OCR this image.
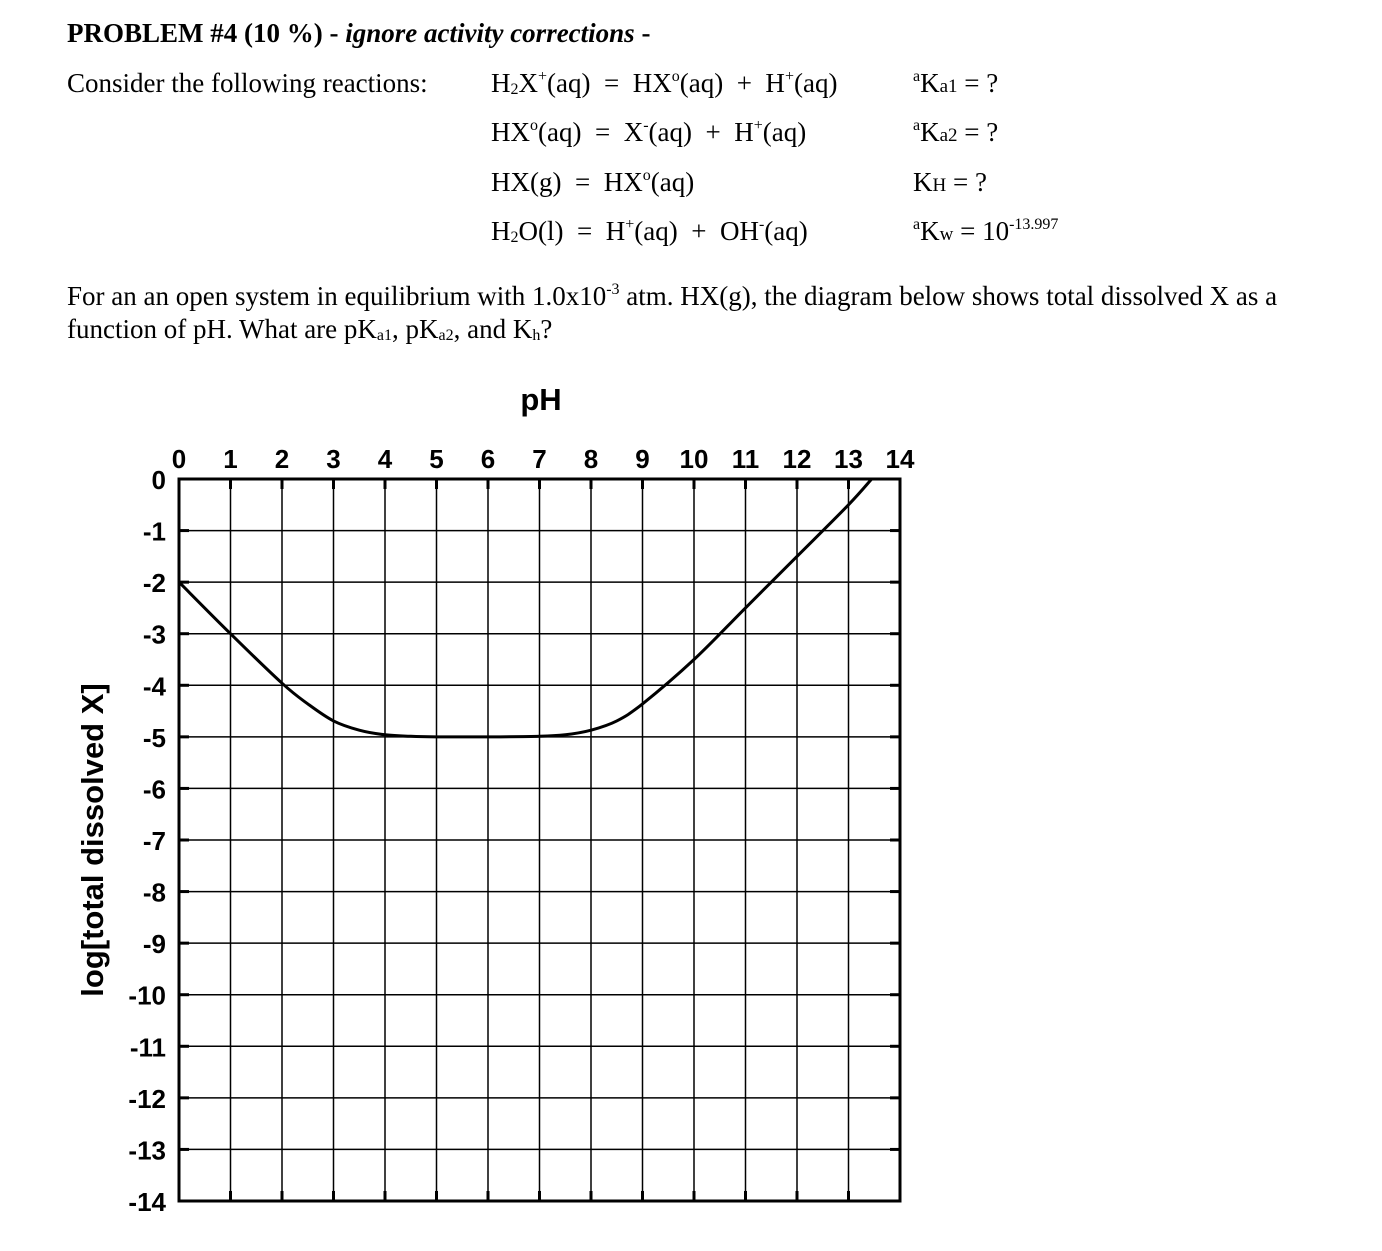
PROBLEM #4 (10 %) - ignore activity corrections -
Consider the following reactions: $H_2X^+(aq) = HX^o(aq) + H^+(aq)$	$^a$Ka1 = ?
$HX^o(aq) = X^-(aq) + H^+(aq)$	$^a$Ka2 = ?
$HX(g) = HX^o(aq)$	KH = ?
$H_2O(l) = H^+(aq) + OH^-(aq)$	$^aKw = 10^{-13.997}$
For an an open system in equilibrium with $1.0x10^{-3}$ atm. HX(g), the diagram below shows total dissolved X as a function of pH. What are $pK_{a1}$, $pK_{a2}$, and $K_h$?
0 1 2 3 4 5 6 7 8 9 10 11 12 13 14
0
-1
-2
-3
-4
-5
-6
-7
-8
-9
-10
-11
-12
-13
-14
pH
log[total dissolved X]
